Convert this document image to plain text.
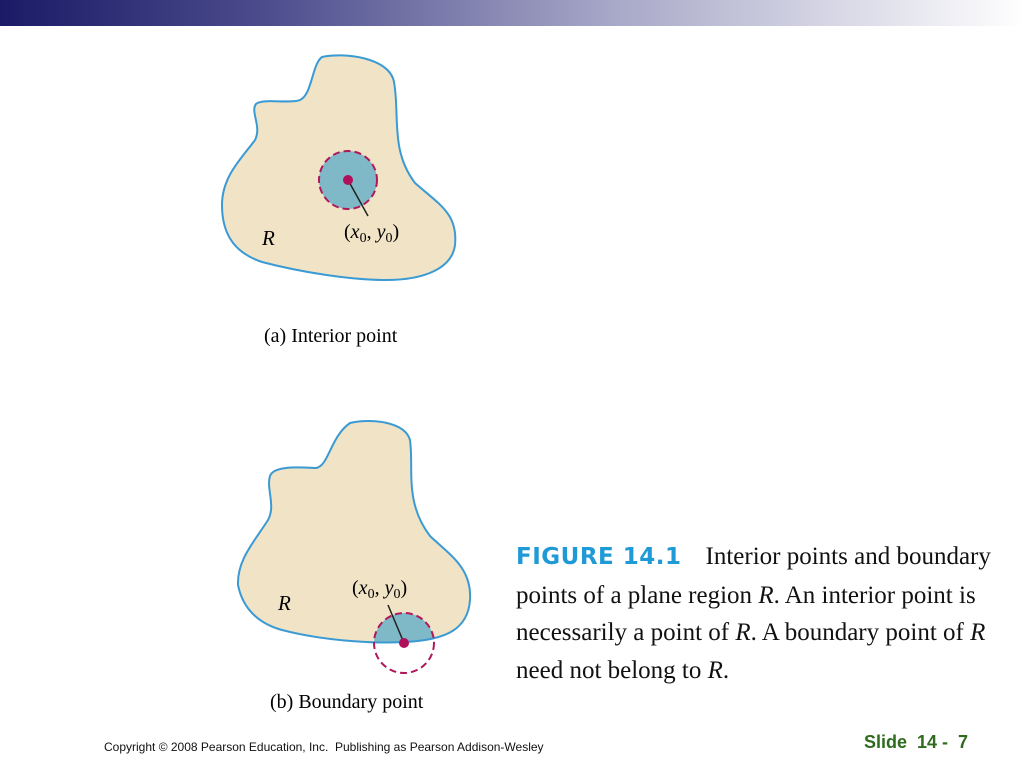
R	($x_0$, $y_0$)
(a) Interior point
R
($x_0$, $y_0$)
(b) Boundary point
FIGURE 14.1 Interior points and boundary points of a plane region R. An interior point is necessarily a point of R. A boundary point of R need not belong to R.
Copyright © 2008 Pearson Education, Inc.  Publishing as Pearson Addison-Wesley	Slide  14 -  7
